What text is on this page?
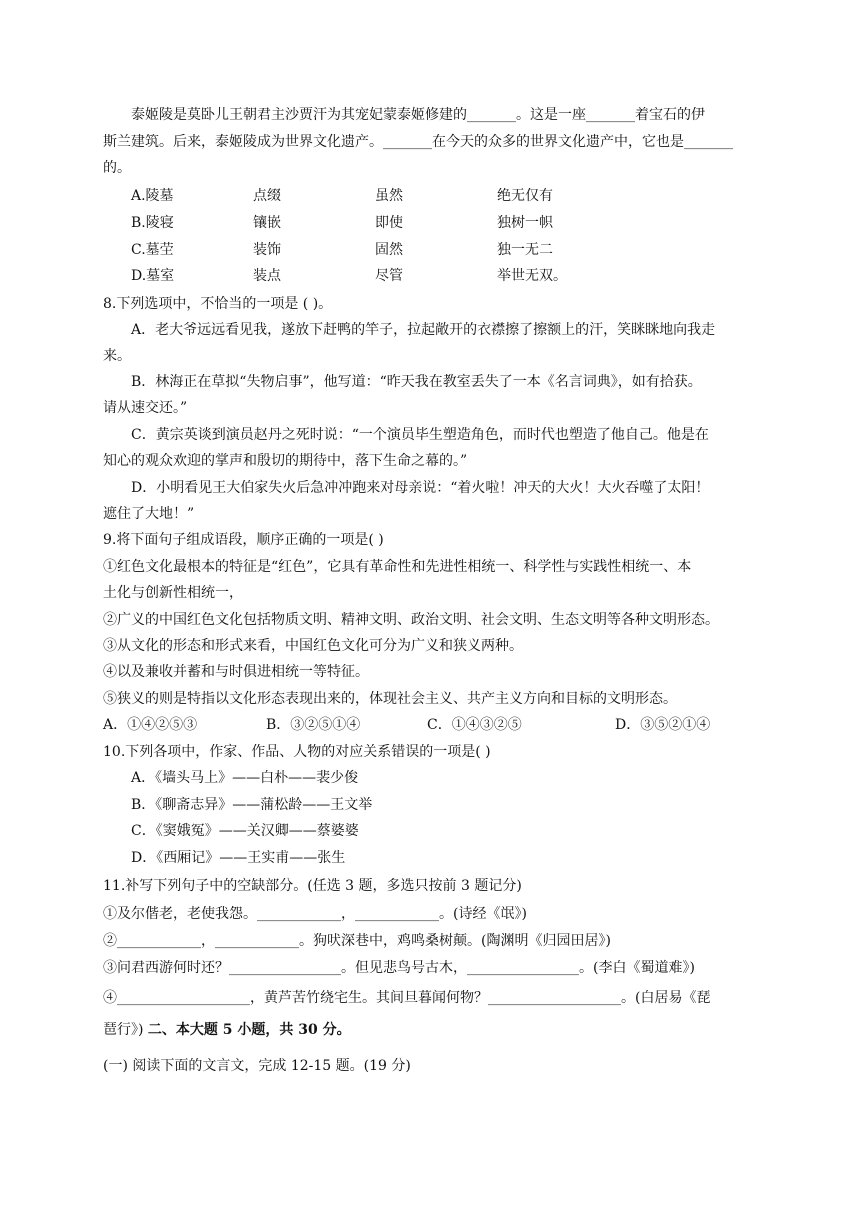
泰姬陵是莫卧儿王朝君主沙贾汗为其宠妃蒙泰姬修建的_______。这是一座_______着宝石的伊
斯兰建筑。后来，泰姬陵成为世界文化遗产。_______在今天的众多的世界文化遗产中，它也是_______
的。
A.陵墓	点缀	虽然	绝无仅有
B.陵寝	镶嵌	即使	独树一帜
C.墓茔	装饰	固然	独一无二
D.墓室	装点	尽管	举世无双。
8.下列选项中，不恰当的一项是 ( )。
A．老大爷远远看见我，遂放下赶鸭的竿子，拉起敞开的衣襟擦了擦额上的汗，笑眯眯地向我走
来。
B．林海正在草拟“失物启事”，他写道：“昨天我在教室丢失了一本《名言词典》，如有拾获。
请从速交还。”
C．黄宗英谈到演员赵丹之死时说：“一个演员毕生塑造角色，而时代也塑造了他自己。他是在
知心的观众欢迎的掌声和殷切的期待中，落下生命之幕的。”
D．小明看见王大伯家失火后急冲冲跑来对母亲说：“着火啦！冲天的大火！大火吞噬了太阳！
遮住了大地！”
9.将下面句子组成语段，顺序正确的一项是( )
①红色文化最根本的特征是“红色”，它具有革命性和先进性相统一、科学性与实践性相统一、本
土化与创新性相统一，
②广义的中国红色文化包括物质文明、精神文明、政治文明、社会文明、生态文明等各种文明形态。
③从文化的形态和形式来看，中国红色文化可分为广义和狭义两种。
④以及兼收并蓄和与时俱进相统一等特征。
⑤狭义的则是特指以文化形态表现出来的，体现社会主义、共产主义方向和目标的文明形态。
A．①④②⑤③	B．③②⑤①④	C．①④③②⑤	D．③⑤②①④
10.下列各项中，作家、作品、人物的对应关系错误的一项是( )
A．《墙头马上》——白朴——裴少俊
B．《聊斋志异》——蒲松龄——王文举
C．《窦娥冤》——关汉卿——蔡婆婆
D．《西厢记》——王实甫——张生
11.补写下列句子中的空缺部分。(任选 3 题，多选只按前 3 题记分)
①及尔偕老，老使我怨。____________，____________。(诗经《氓》)
②____________，____________。狗吠深巷中，鸡鸣桑树颠。(陶渊明《归园田居》)
③问君西游何时还？________________。但见悲鸟号古木，________________。(李白《蜀道难》)
④___________________，黄芦苦竹绕宅生。其间旦暮闻何物？___________________。(白居易《琵
琶行》) 二、本大题 5 小题，共 30 分。
(一) 阅读下面的文言文，完成 12-15 题。(19 分)
